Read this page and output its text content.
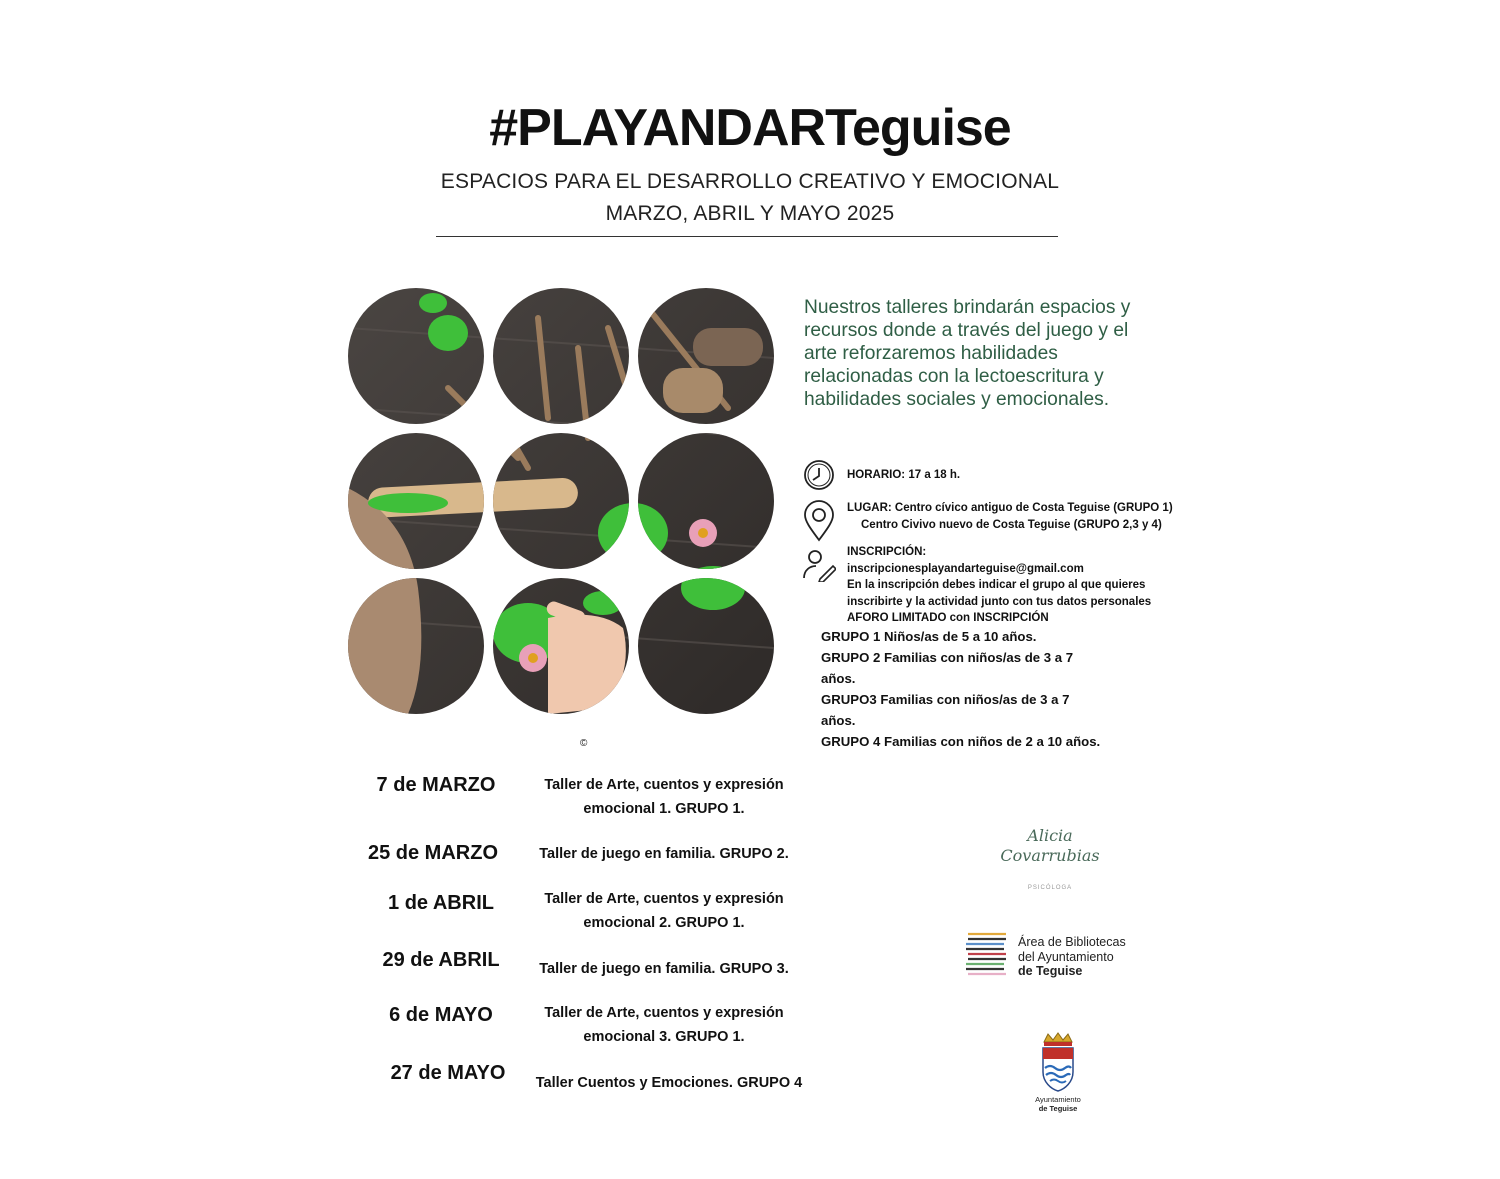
#PLAYANDARTeguise
ESPACIOS PARA EL DESARROLLO CREATIVO Y EMOCIONAL
MARZO, ABRIL Y MAYO 2025
Nuestros talleres brindarán espacios y recursos donde a través del juego y el arte reforzaremos habilidades relacionadas con la lectoescritura y habilidades sociales y emocionales.
HORARIO: 17 a 18 h.
LUGAR: Centro cívico antiguo de Costa Teguise (GRUPO 1)
Centro Civivo nuevo de Costa Teguise (GRUPO 2,3 y 4)
INSCRIPCIÓN:
inscripcionesplayandarteguise@gmail.com
En la inscripción debes indicar el grupo al que quieres
inscribirte y la actividad junto con tus datos personales
AFORO LIMITADO con INSCRIPCIÓN
GRUPO 1 Niños/as de 5 a 10 años.
GRUPO 2 Familias con niños/as de 3 a 7 años.
GRUPO3 Familias con niños/as de 3 a 7 años.
GRUPO 4 Familias con niños de 2 a 10 años.
©
7 de MARZO	Taller de Arte, cuentos y expresión
emocional 1. GRUPO 1.
25 de MARZO	Taller de juego en familia. GRUPO 2.
1 de ABRIL	Taller de Arte, cuentos y expresión
emocional 2. GRUPO 1.
29 de ABRIL	Taller de juego en familia. GRUPO 3.
6 de MAYO	Taller de Arte, cuentos y expresión
emocional 3. GRUPO 1.
27 de MAYO	Taller Cuentos y Emociones. GRUPO 4
Alicia
Covarrubias
PSICÓLOGA
Área de Bibliotecas
del Ayuntamiento
de Teguise
Ayuntamiento
de Teguise
